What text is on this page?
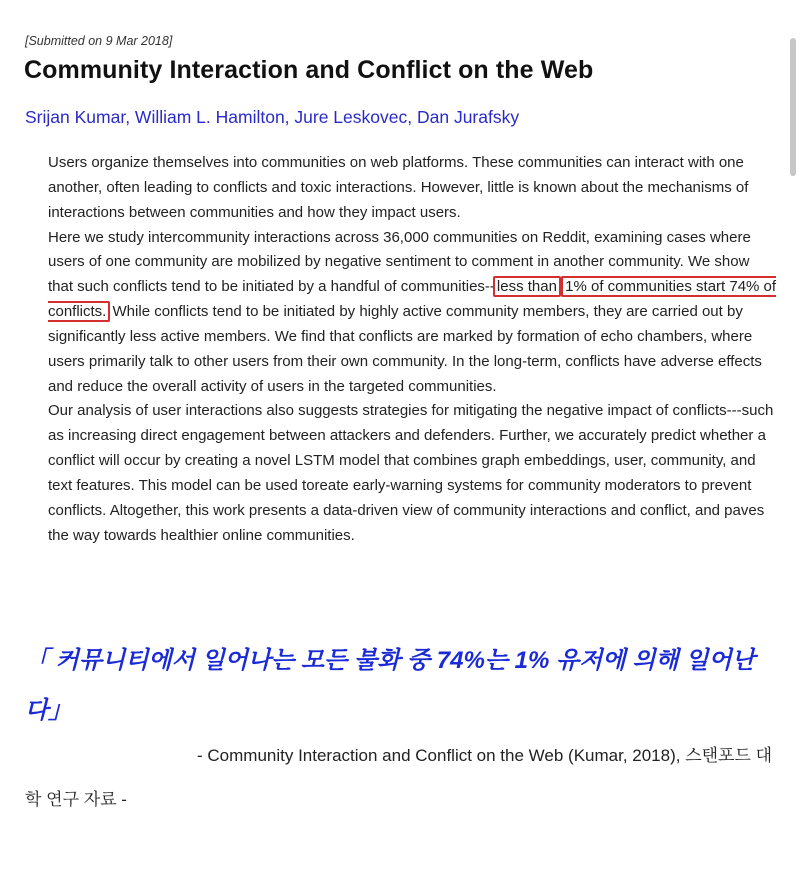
[Submitted on 9 Mar 2018]
Community Interaction and Conflict on the Web
Srijan Kumar, William L. Hamilton, Jure Leskovec, Dan Jurafsky
Users organize themselves into communities on web platforms. These communities can interact with one another, often leading to conflicts and toxic interactions. However, little is known about the mechanisms of interactions between communities and how they impact users.
Here we study intercommunity interactions across 36,000 communities on Reddit, examining cases where users of one community are mobilized by negative sentiment to comment in another community. We show that such conflicts tend to be initiated by a handful of communities-- less than 1% of communities start 74% of conflicts. While conflicts tend to be initiated by highly active community members, they are carried out by significantly less active members. We find that conflicts are marked by formation of echo chambers, where users primarily talk to other users from their own community. In the long-term, conflicts have adverse effects and reduce the overall activity of users in the targeted communities.
Our analysis of user interactions also suggests strategies for mitigating the negative impact of conflicts---such as increasing direct engagement between attackers and defenders. Further, we accurately predict whether a conflict will occur by creating a novel LSTM model that combines graph embeddings, user, community, and text features. This model can be used toreate early-warning systems for community moderators to prevent conflicts. Altogether, this work presents a data-driven view of community interactions and conflict, and paves the way towards healthier online communities.
「 커뮤니티에서 일어나는 모든 불화 중 74%는 1% 유저에 의해 일어난다」
- Community Interaction and Conflict on the Web (Kumar, 2018), 스탠포드 대학 연구 자료 -
